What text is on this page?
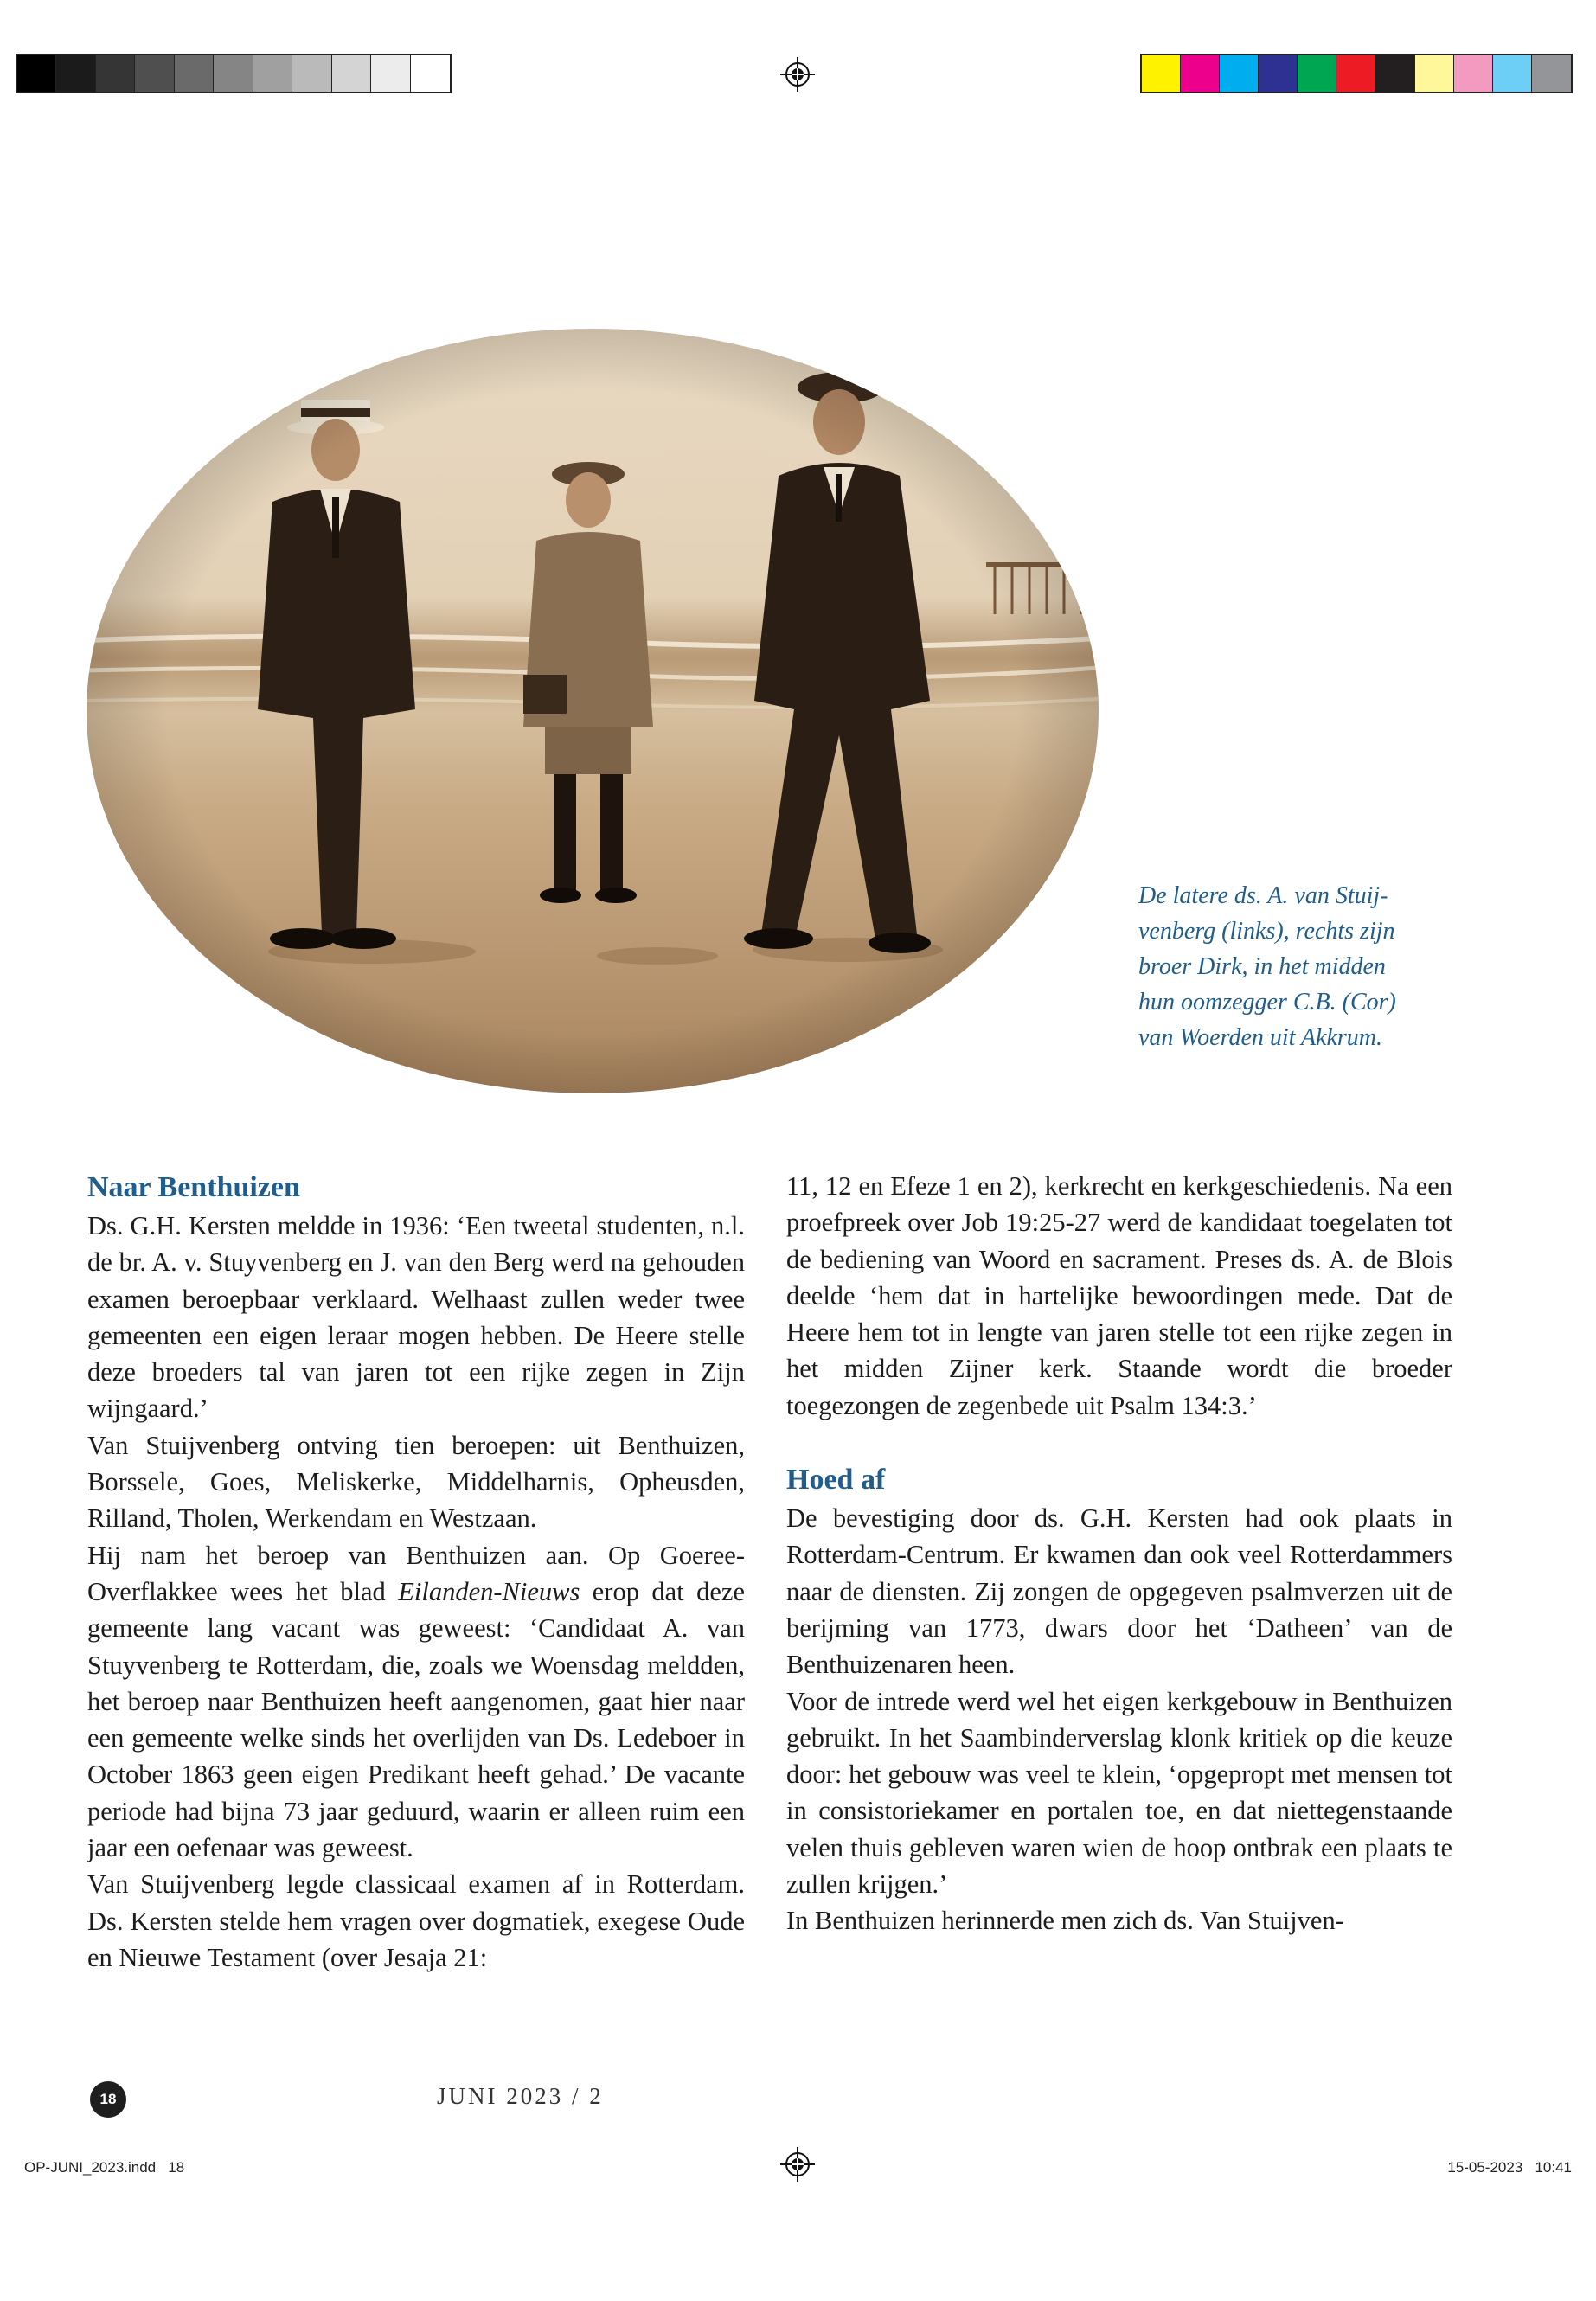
De latere ds. A. van Stuij-

venberg (links), rechts zijn

broer Dirk, in het midden

hun oomzegger C.B. (Cor)

van Woerden uit Akkrum.

Naar Benthuizen

Ds. G.H. Kersten meldde in 1936: ‘Een tweetal studenten, n.l. de br. A. v. Stuyvenberg en J. van den Berg werd na gehouden examen beroepbaar verklaard. Welhaast zullen weder twee gemeenten een eigen leraar mogen hebben. De Heere stelle deze broeders tal van jaren tot een rijke zegen in Zijn wijngaard.’

Van Stuijvenberg ontving tien beroepen: uit Benthuizen, Borssele, Goes, Meliskerke, Middelharnis, Opheusden, Rilland, Tholen, Werkendam en Westzaan.

Hij nam het beroep van Benthuizen aan. Op Goeree-Overflakkee wees het blad Eilanden-Nieuws erop dat deze gemeente lang vacant was geweest: ‘Candidaat A. van Stuyvenberg te Rotterdam, die, zoals we Woensdag meldden, het beroep naar Benthuizen heeft aangenomen, gaat hier naar een gemeente welke sinds het overlijden van Ds. Ledeboer in October 1863 geen eigen Predikant heeft gehad.’ De vacante periode had bijna 73 jaar geduurd, waarin er alleen ruim een jaar een oefenaar was geweest.

Van Stuijvenberg legde classicaal examen af in Rotterdam. Ds. Kersten stelde hem vragen over dogmatiek, exegese Oude en Nieuwe Testament (over Jesaja 21:

11, 12 en Efeze 1 en 2), kerkrecht en kerkgeschiedenis. Na een proefpreek over Job 19:25-27 werd de kandidaat toegelaten tot de bediening van Woord en sacrament. Preses ds. A. de Blois deelde ‘hem dat in hartelijke bewoordingen mede. Dat de Heere hem tot in lengte van jaren stelle tot een rijke zegen in het midden Zijner kerk. Staande wordt die broeder toegezongen de zegenbede uit Psalm 134:3.’

Hoed af

De bevestiging door ds. G.H. Kersten had ook plaats in Rotterdam-Centrum. Er kwamen dan ook veel Rotterdammers naar de diensten. Zij zongen de opgegeven psalmverzen uit de berijming van 1773, dwars door het ‘Datheen’ van de Benthuizenaren heen.

Voor de intrede werd wel het eigen kerkgebouw in Benthuizen gebruikt. In het Saambinderverslag klonk kritiek op die keuze door: het gebouw was veel te klein, ‘opgepropt met mensen tot in consistoriekamer en portalen toe, en dat niettegenstaande velen thuis gebleven waren wien de hoop ontbrak een plaats te zullen krijgen.’

In Benthuizen herinnerde men zich ds. Van Stuijven-

18	JUNI 2023 / 2
OP-JUNI_2023.indd   18	15-05-2023   10:41
